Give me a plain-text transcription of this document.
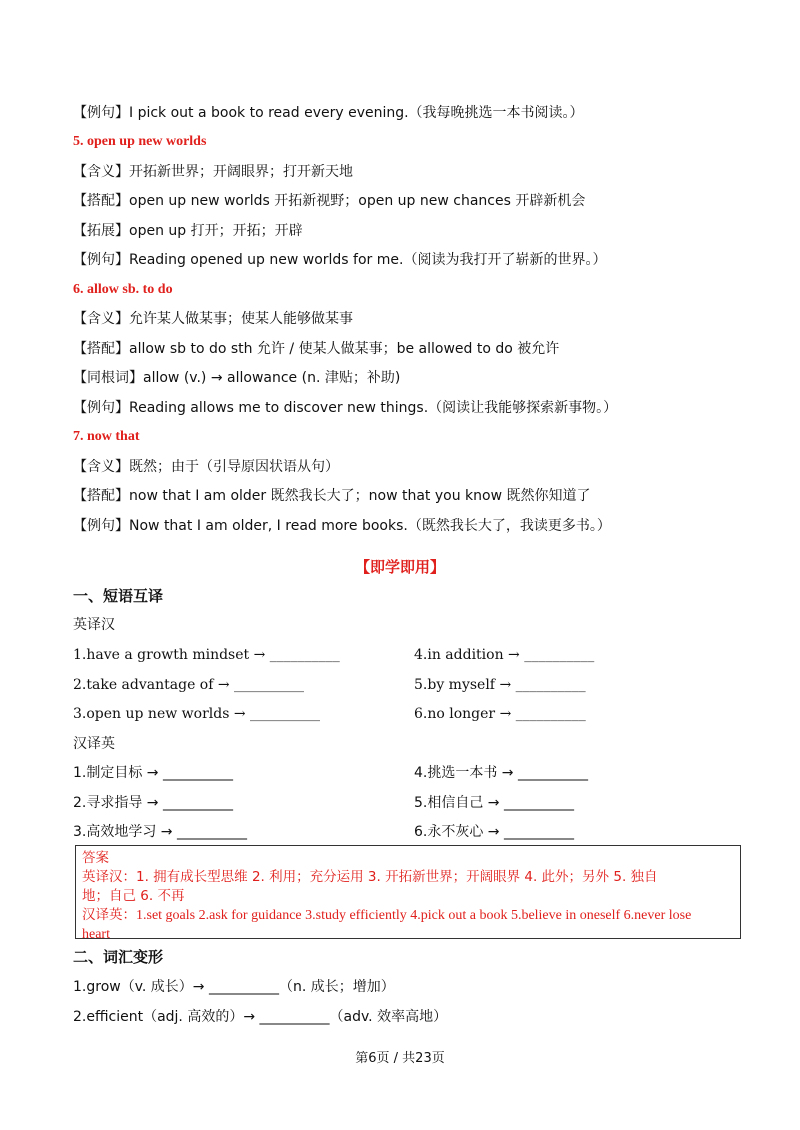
【例句】I pick out a book to read every evening.（我每晚挑选一本书阅读。）
5. open up new worlds
【含义】开拓新世界；开阔眼界；打开新天地
【搭配】open up new worlds 开拓新视野；open up new chances 开辟新机会
【拓展】open up 打开；开拓；开辟
【例句】Reading opened up new worlds for me.（阅读为我打开了崭新的世界。）
6. allow sb. to do
【含义】允许某人做某事；使某人能够做某事
【搭配】allow sb to do sth 允许 / 使某人做某事；be allowed to do 被允许
【同根词】allow (v.) → allowance (n. 津贴；补助)
【例句】Reading allows me to discover new things.（阅读让我能够探索新事物。）
7. now that
【含义】既然；由于（引导原因状语从句）
【搭配】now that I am older 既然我长大了；now that you know 既然你知道了
【例句】Now that I am older, I read more books.（既然我长大了，我读更多书。）
【即学即用】
一、短语互译
英译汉
1.have a growth mindset → __________	4.in addition → __________
2.take advantage of → __________	5.by myself → __________
3.open up new worlds → __________	6.no longer → __________
汉译英
1.制定目标 → __________	4.挑选一本书 → __________
2.寻求指导 → __________	5.相信自己 → __________
3.高效地学习 → __________	6.永不灰心 → __________
答案
英译汉：1. 拥有成长型思维 2. 利用；充分运用 3. 开拓新世界；开阔眼界 4. 此外；另外 5. 独自
地；自己 6. 不再
汉译英：1.set goals 2.ask for guidance 3.study efficiently 4.pick out a book 5.believe in oneself 6.never lose
heart
二、词汇变形
1.grow（v. 成长）→ __________（n. 成长；增加）
2.efficient（adj. 高效的）→ __________（adv. 效率高地）
第6页 / 共23页
